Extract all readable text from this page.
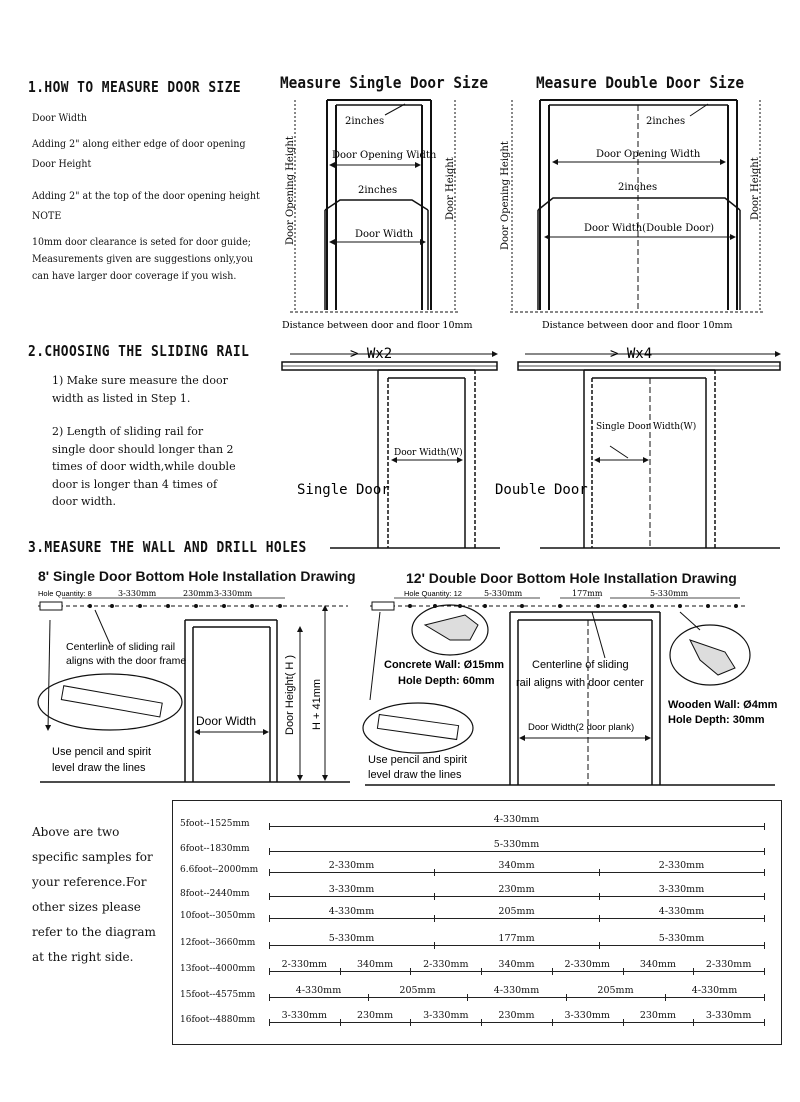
1.HOW TO MEASURE DOOR SIZE
Door Width
Adding 2" along either edge of door opening
Door Height
Adding 2" at the top of the door opening height
NOTE
10mm door clearance is seted for door guide;
Measurements given are suggestions only,you
can have larger door coverage if you wish.
Measure Single Door Size	Measure Double Door Size
2inches
Door Opening Width
2inches
Door Width
Door Opening Height	Door Height
Distance between door and floor 10mm
2inches
Door Opening Width
2inches
Door Width(Double Door)
Door Opening Height	Door Height
Distance between door and floor 10mm
> Wx2
Door Width(W)
Single Door
> Wx4
Single Door Width(W)
Double Door
Hole Quantity: 8	3-330mm	230mm 3-330mm
Centerline of sliding rail
aligns with the door frame
Door Width	Door Height( H ) H + 41mm
Use pencil and spirit
level draw the lines
Hole Quantity: 12	5-330mm	177mm	5-330mm
Concrete Wall: Ø15mm
Hole Depth: 60mm
Centerline of sliding
rail aligns with door center
Wooden Wall: Ø4mm
Hole Depth: 30mm
Door Width(2 door plank)
Use pencil and spirit
level draw the lines
2.CHOOSING THE SLIDING RAIL
1) Make sure measure the door
width as listed in Step 1.
2) Length of sliding rail for
single door should longer than 2
times of door width,while double
door is longer than 4 times of
door width.
3.MEASURE THE WALL AND DRILL HOLES
8' Single Door Bottom Hole Installation Drawing	12' Double Door Bottom Hole Installation Drawing
Above are two
specific samples for
your reference.For
other sizes please
refer to the diagram
at the right side.
5foot--1525mm	4-330mm
6foot--1830mm	5-330mm
6.6foot--2000mm	2-330mm	340mm	2-330mm
8foot--2440mm	3-330mm	230mm	3-330mm
10foot--3050mm	4-330mm	205mm	4-330mm
12foot--3660mm	5-330mm	177mm	5-330mm
13foot--4000mm	2-330mm	340mm	2-330mm	340mm	2-330mm	340mm	2-330mm
15foot--4575mm	4-330mm	205mm	4-330mm	205mm	4-330mm
16foot--4880mm	3-330mm	230mm	3-330mm	230mm	3-330mm	230mm	3-330mm
